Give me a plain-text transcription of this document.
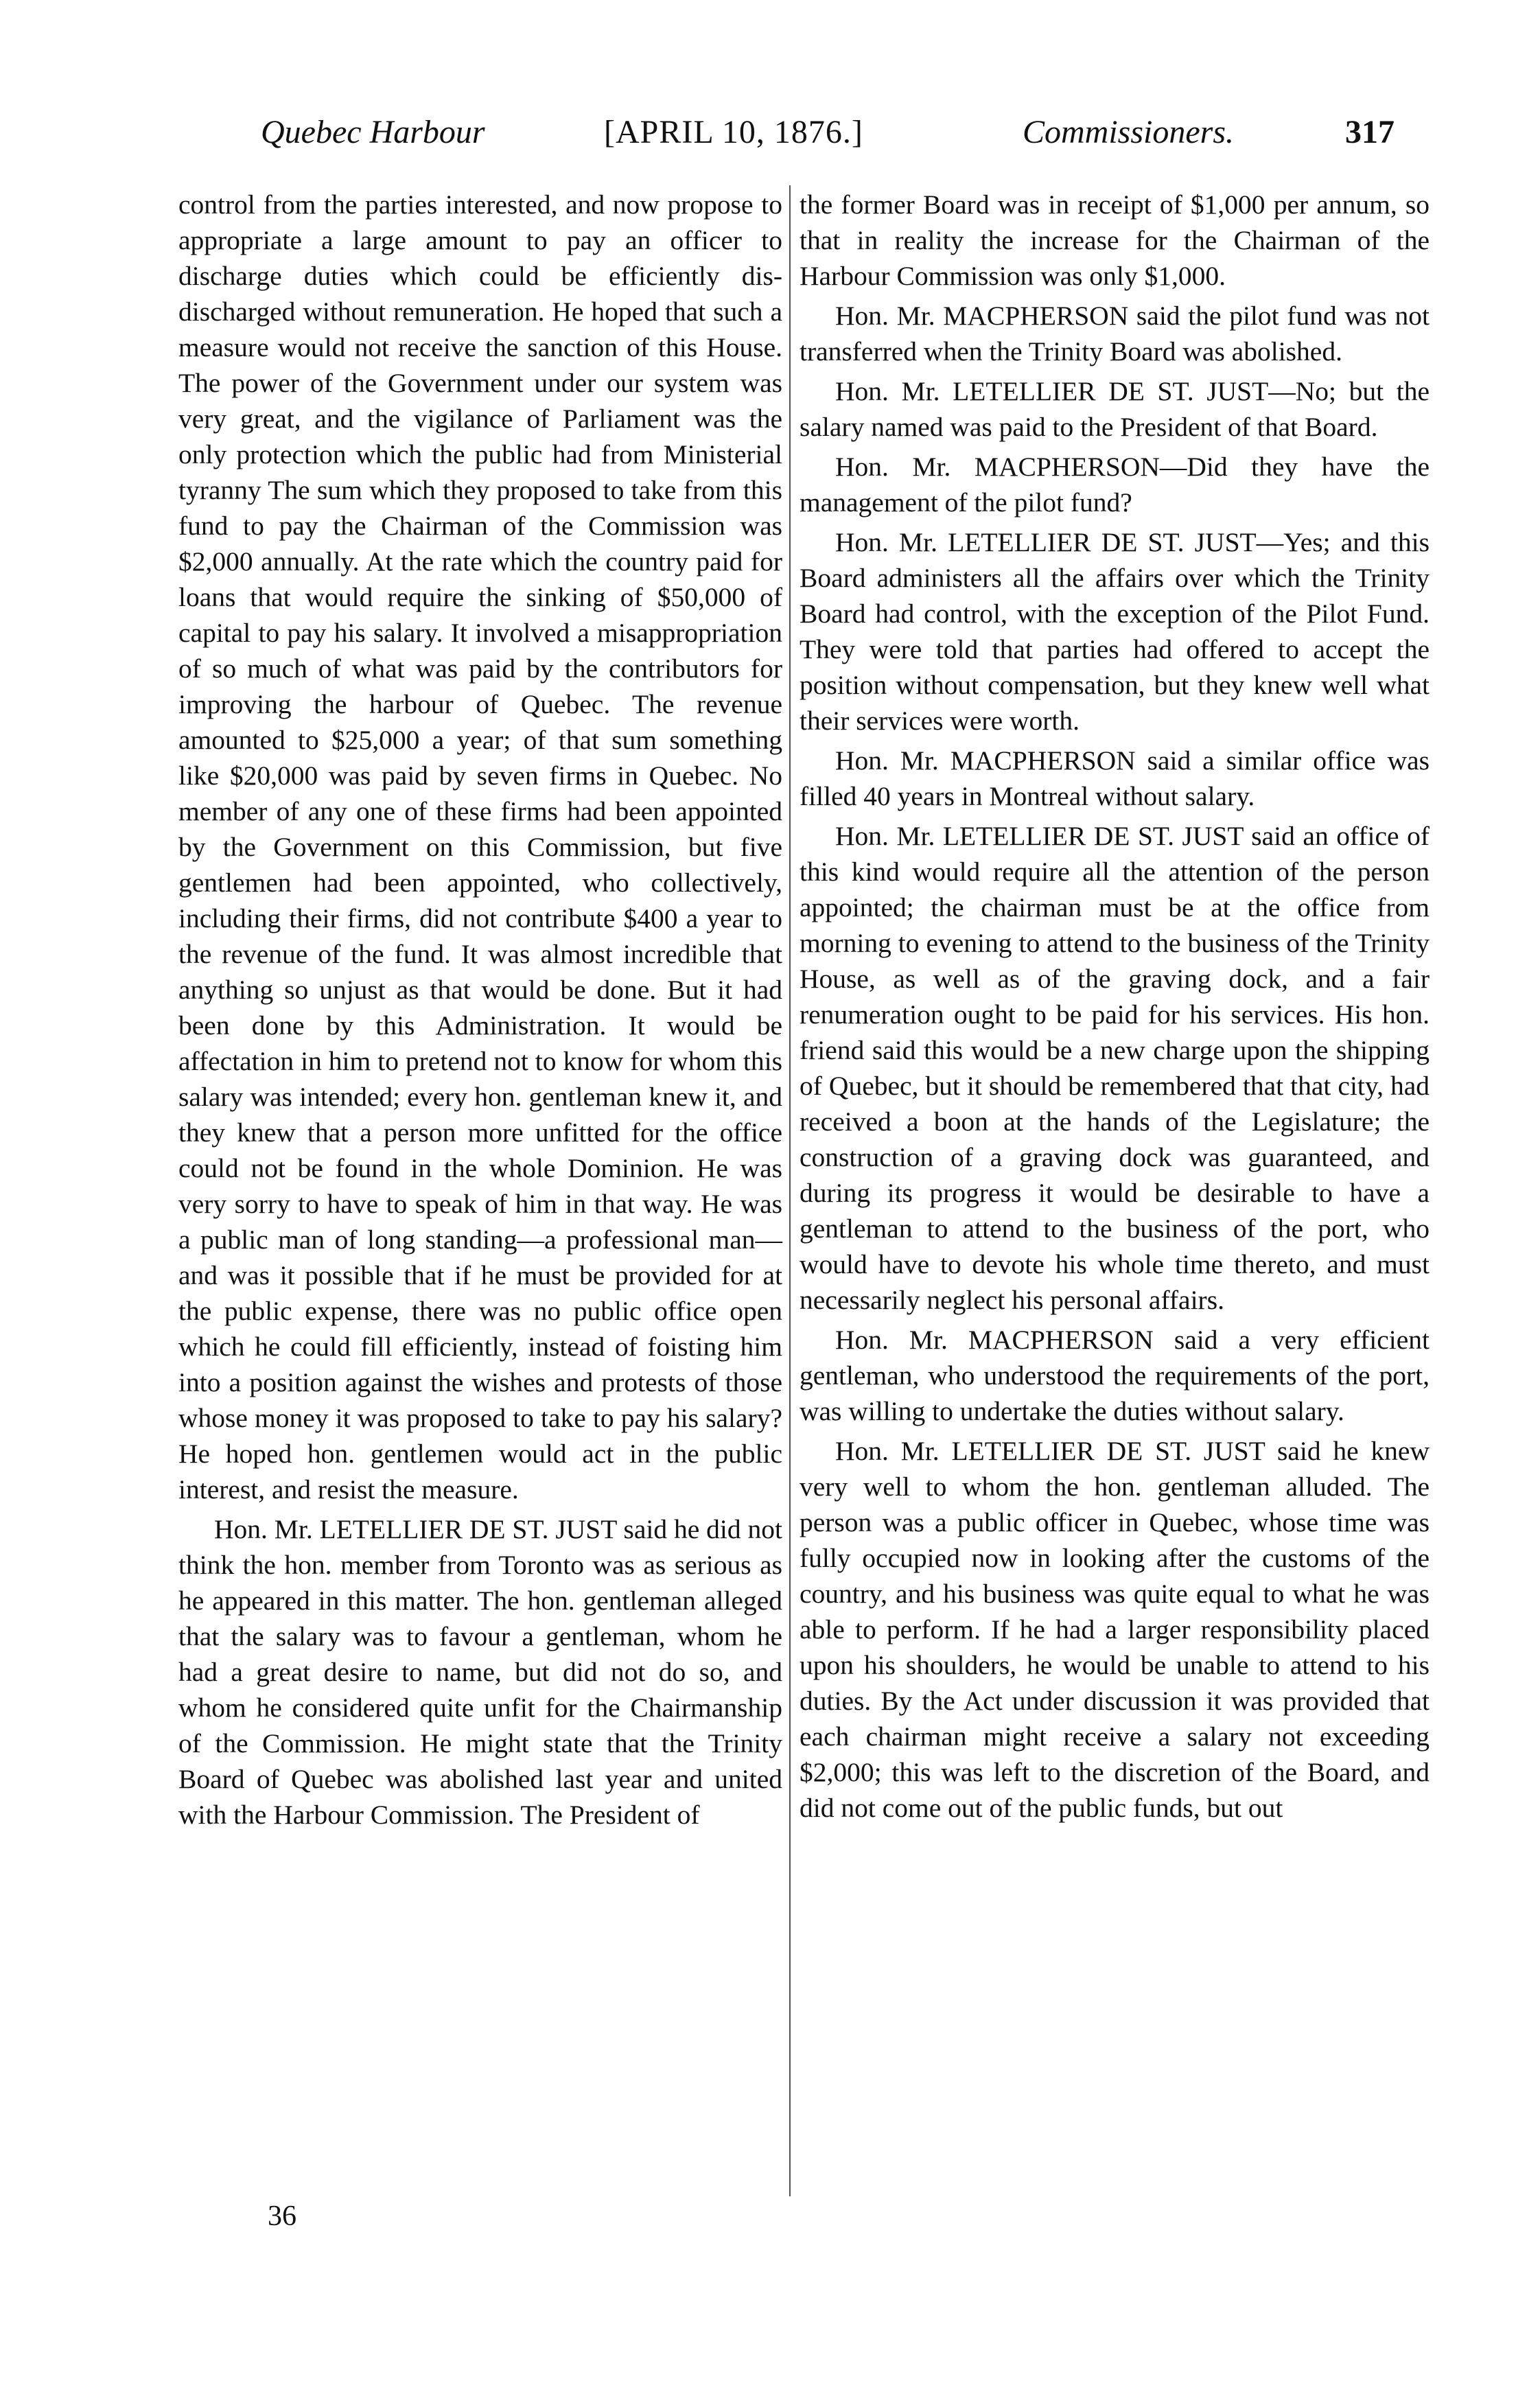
Quebec Harbour	[APRIL 10, 1876.]	Commissioners.	317

control from the parties interested, and now propose to appropriate a large amount to pay an officer to discharge duties which could be efficiently dis-discharged without remuneration. He hoped that such a measure would not receive the sanction of this House. The power of the Government under our system was very great, and the vigilance of Parliament was the only protection which the public had from Ministerial tyranny The sum which they proposed to take from this fund to pay the Chairman of the Commission was $2,000 annually. At the rate which the country paid for loans that would require the sinking of $50,000 of capital to pay his salary. It involved a misappropriation of so much of what was paid by the contributors for improving the harbour of Quebec. The revenue amounted to $25,000 a year; of that sum something like $20,000 was paid by seven firms in Quebec. No member of any one of these firms had been appointed by the Government on this Commission, but five gentlemen had been appointed, who collectively, including their firms, did not contribute $400 a year to the revenue of the fund. It was almost incredible that anything so unjust as that would be done. But it had been done by this Administration. It would be affectation in him to pretend not to know for whom this salary was intended; every hon. gentleman knew it, and they knew that a person more unfitted for the office could not be found in the whole Dominion. He was very sorry to have to speak of him in that way. He was a public man of long standing—a professional man—and was it possible that if he must be provided for at the public expense, there was no public office open which he could fill efficiently, instead of foisting him into a position against the wishes and protests of those whose money it was proposed to take to pay his salary? He hoped hon. gentlemen would act in the public interest, and resist the measure.

Hon. Mr. LETELLIER DE ST. JUST said he did not think the hon. member from Toronto was as serious as he appeared in this matter. The hon. gentleman alleged that the salary was to favour a gentleman, whom he had a great desire to name, but did not do so, and whom he considered quite unfit for the Chairmanship of the Commission. He might state that the Trinity Board of Quebec was abolished last year and united with the Harbour Commission. The President of

the former Board was in receipt of $1,000 per annum, so that in reality the increase for the Chairman of the Harbour Commission was only $1,000.

Hon. Mr. MACPHERSON said the pilot fund was not transferred when the Trinity Board was abolished.

Hon. Mr. LETELLIER DE ST. JUST—No; but the salary named was paid to the President of that Board.

Hon. Mr. MACPHERSON—Did they have the management of the pilot fund?

Hon. Mr. LETELLIER DE ST. JUST—Yes; and this Board administers all the affairs over which the Trinity Board had control, with the exception of the Pilot Fund. They were told that parties had offered to accept the position without compensation, but they knew well what their services were worth.

Hon. Mr. MACPHERSON said a similar office was filled 40 years in Montreal without salary.

Hon. Mr. LETELLIER DE ST. JUST said an office of this kind would require all the attention of the person appointed; the chairman must be at the office from morning to evening to attend to the business of the Trinity House, as well as of the graving dock, and a fair renumeration ought to be paid for his services. His hon. friend said this would be a new charge upon the shipping of Quebec, but it should be remembered that that city, had received a boon at the hands of the Legislature; the construction of a graving dock was guaranteed, and during its progress it would be desirable to have a gentleman to attend to the business of the port, who would have to devote his whole time thereto, and must necessarily neglect his personal affairs.

Hon. Mr. MACPHERSON said a very efficient gentleman, who understood the requirements of the port, was willing to undertake the duties without salary.

Hon. Mr. LETELLIER DE ST. JUST said he knew very well to whom the hon. gentleman alluded. The person was a public officer in Quebec, whose time was fully occupied now in looking after the customs of the country, and his business was quite equal to what he was able to perform. If he had a larger responsibility placed upon his shoulders, he would be unable to attend to his duties. By the Act under discussion it was provided that each chairman might receive a salary not exceeding $2,000; this was left to the discretion of the Board, and did not come out of the public funds, but out

36
